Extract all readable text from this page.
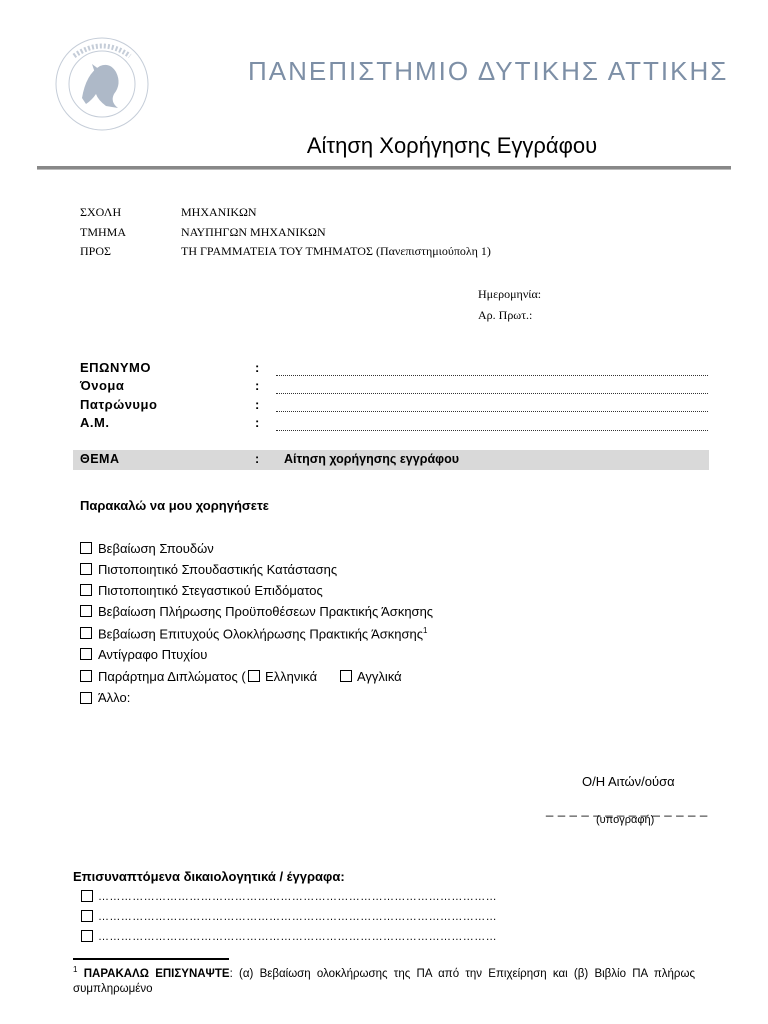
ΠΑΝΕΠΙΣΤΗΜΙΟ ΔΥΤΙΚΗΣ ΑΤΤΙΚΗΣ
Αίτηση Χορήγησης Εγγράφου
ΣΧΟΛΗ	ΜΗΧΑΝΙΚΩΝ
ΤΜΗΜΑ	ΝΑΥΠΗΓΩΝ ΜΗΧΑΝΙΚΩΝ
ΠΡΟΣ	ΤΗ ΓΡΑΜΜΑΤΕΙΑ ΤΟΥ ΤΜΗΜΑΤΟΣ (Πανεπιστημιούπολη 1)
Ημερομηνία:
Αρ. Πρωτ.:
ΕΠΩΝΥΜΟ	:
Όνομα	:
Πατρώνυμο	:
Α.Μ.	:
ΘΕΜΑ	: Αίτηση χορήγησης εγγράφου
Παρακαλώ να μου χορηγήσετε
Βεβαίωση Σπουδών
Πιστοποιητικό Σπουδαστικής Κατάστασης
Πιστοποιητικό Στεγαστικού Επιδόματος
Βεβαίωση Πλήρωσης Προϋποθέσεων Πρακτικής Άσκησης
Βεβαίωση Επιτυχούς Ολοκλήρωσης Πρακτικής Άσκησης$^1$
Αντίγραφο Πτυχίου
Παράρτημα Διπλώματος ( Ελληνικά	Αγγλικά
Άλλο:
Ο/Η Αιτών/ούσα
_ _ _ _ _ _ _ _ _ _ _ _ _ _
(υπογραφή)
Επισυναπτόμενα δικαιολογητικά / έγγραφα:
……………………………………………………………………………………………
……………………………………………………………………………………………
……………………………………………………………………………………………
$^1$ ΠΑΡΑΚΑΛΩ ΕΠΙΣΥΝΑΨΤΕ: (α) Βεβαίωση ολοκλήρωσης της ΠΑ από την Επιχείρηση και (β) Βιβλίο ΠΑ πλήρως συμπληρωμένο
